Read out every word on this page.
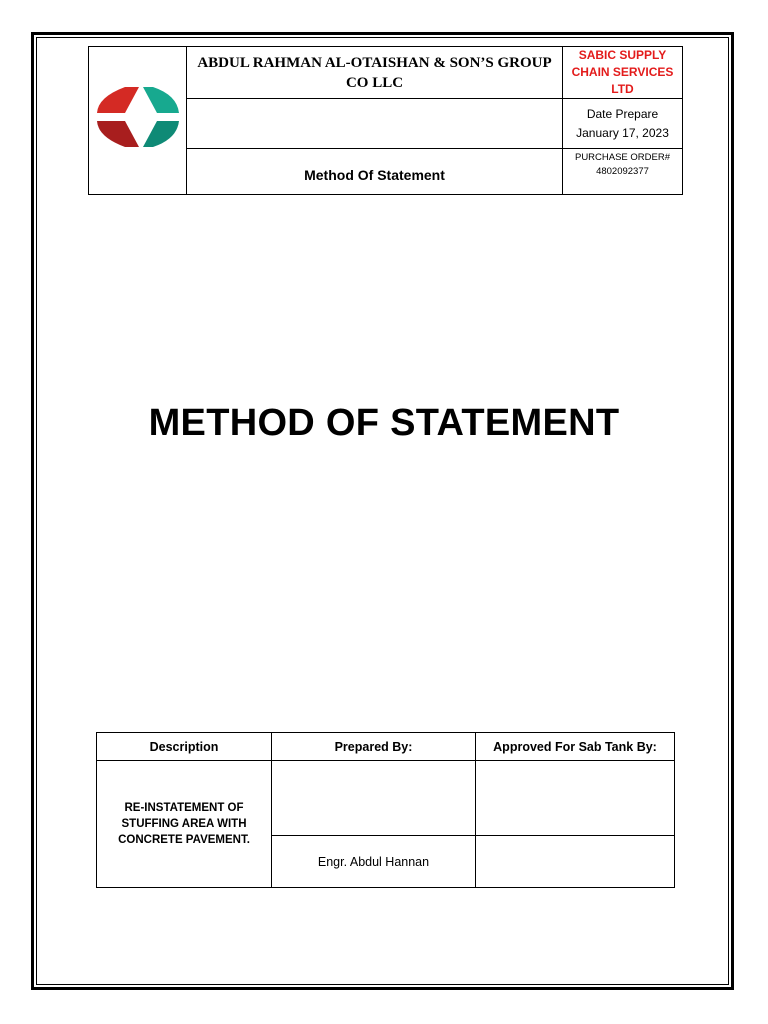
	ABDUL RAHMAN AL-OTAISHAN & SON’S GROUP CO LLC	SABIC SUPPLY CHAIN SERVICES LTD

		Date Prepare
January 17, 2023

	Method Of Statement	PURCHASE ORDER#
4802092377
METHOD OF STATEMENT
Description	Prepared By:	Approved For Sab Tank By:
RE-INSTATEMENT OF STUFFING AREA WITH CONCRETE PAVEMENT.		
	Engr. Abdul Hannan	
